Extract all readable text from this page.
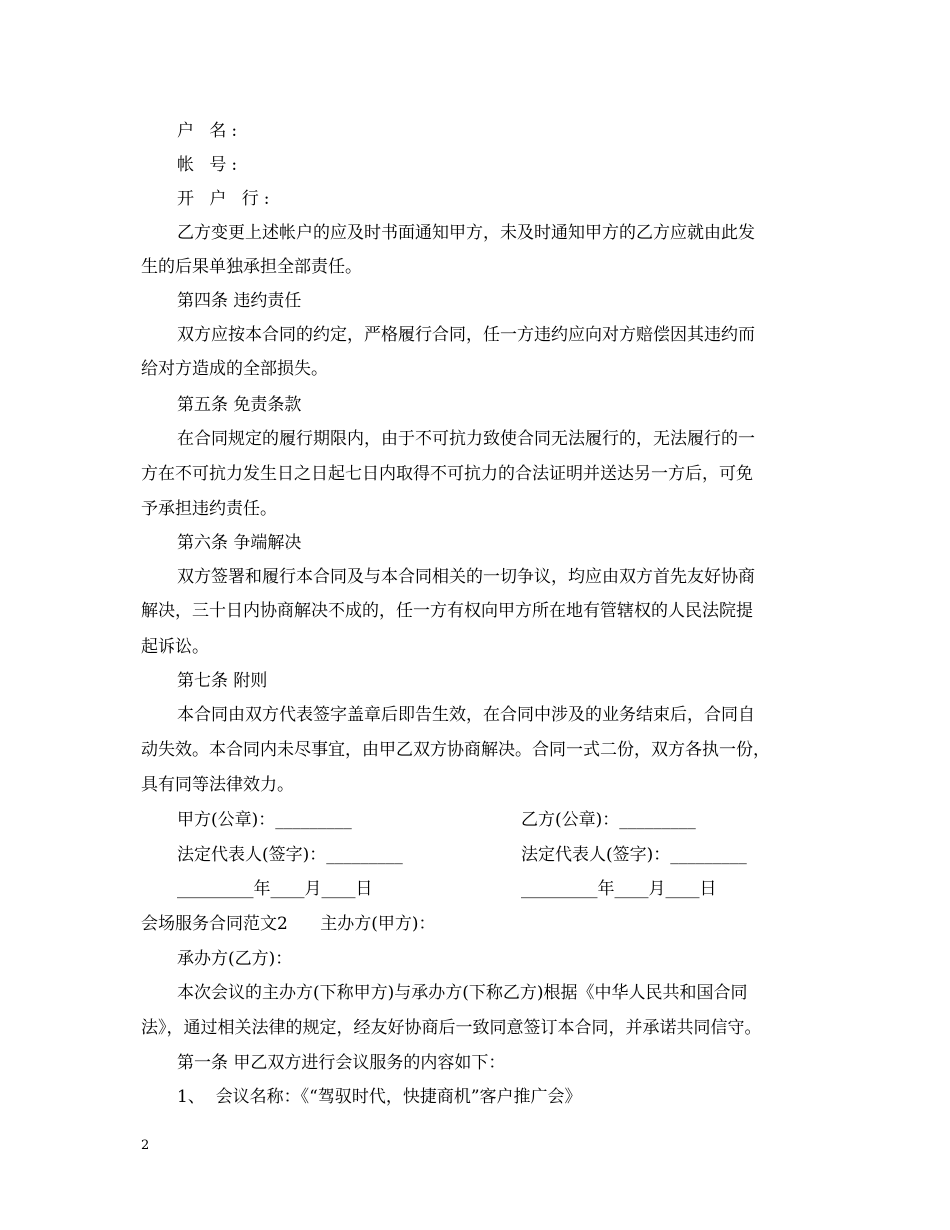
户 名:
帐 号:
开 户 行:
乙方变更上述帐户的应及时书面通知甲方，未及时通知甲方的乙方应就由此发
生的后果单独承担全部责任。
第四条 违约责任
双方应按本合同的约定，严格履行合同，任一方违约应向对方赔偿因其违约而
给对方造成的全部损失。
第五条 免责条款
在合同规定的履行期限内，由于不可抗力致使合同无法履行的，无法履行的一
方在不可抗力发生日之日起七日内取得不可抗力的合法证明并送达另一方后，可免
予承担违约责任。
第六条 争端解决
双方签署和履行本合同及与本合同相关的一切争议，均应由双方首先友好协商
解决，三十日内协商解决不成的，任一方有权向甲方所在地有管辖权的人民法院提
起诉讼。
第七条 附则
本合同由双方代表签字盖章后即告生效，在合同中涉及的业务结束后，合同自
动失效。本合同内未尽事宜，由甲乙双方协商解决。合同一式二份，双方各执一份，
具有同等法律效力。
甲方(公章)：_________	乙方(公章)：_________
法定代表人(签字)：_________	法定代表人(签字)：_________
_________年____月____日	_________年____月____日
会场服务合同范文2      主办方(甲方)：
承办方(乙方)：
本次会议的主办方(下称甲方)与承办方(下称乙方)根据《中华人民共和国合同
法》，通过相关法律的规定，经友好协商后一致同意签订本合同，并承诺共同信守。
第一条 甲乙双方进行会议服务的内容如下：
1、  会议名称：《“驾驭时代，快捷商机”客户推广会》
2
